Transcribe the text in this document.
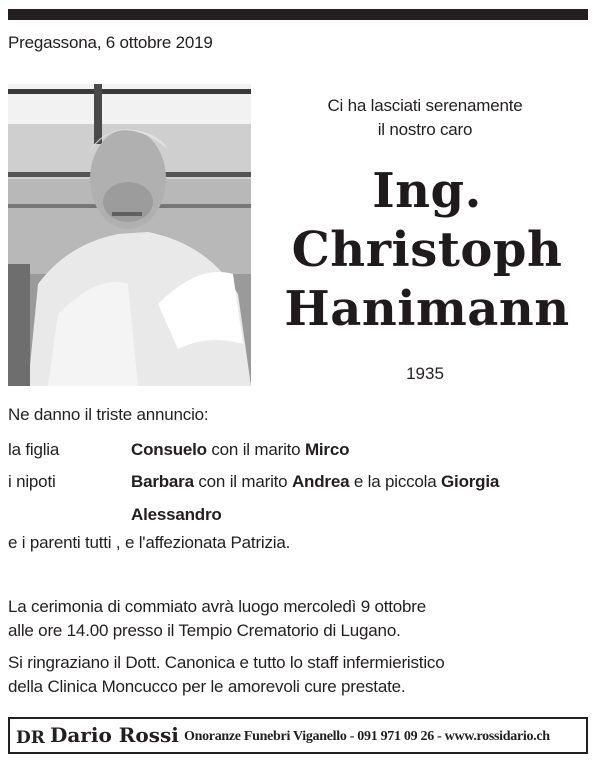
Pregassona, 6 ottobre 2019
Ci ha lasciati serenamente
il nostro caro
Ing.
Christoph
Hanimann
1935
Ne danno il triste annuncio:
la figlia	Consuelo con il marito Mirco
i nipoti	Barbara con il marito Andrea e la piccola Giorgia
Alessandro
e i parenti tutti , e l'affezionata Patrizia.
La cerimonia di commiato avrà luogo mercoledì 9 ottobre
alle ore 14.00 presso il Tempio Crematorio di Lugano.
Si ringraziano il Dott. Canonica e tutto lo staff infermieristico
della Clinica Moncucco per le amorevoli cure prestate.
DR Dario Rossi Onoranze Funebri Viganello - 091 971 09 26 - www.rossidario.ch
